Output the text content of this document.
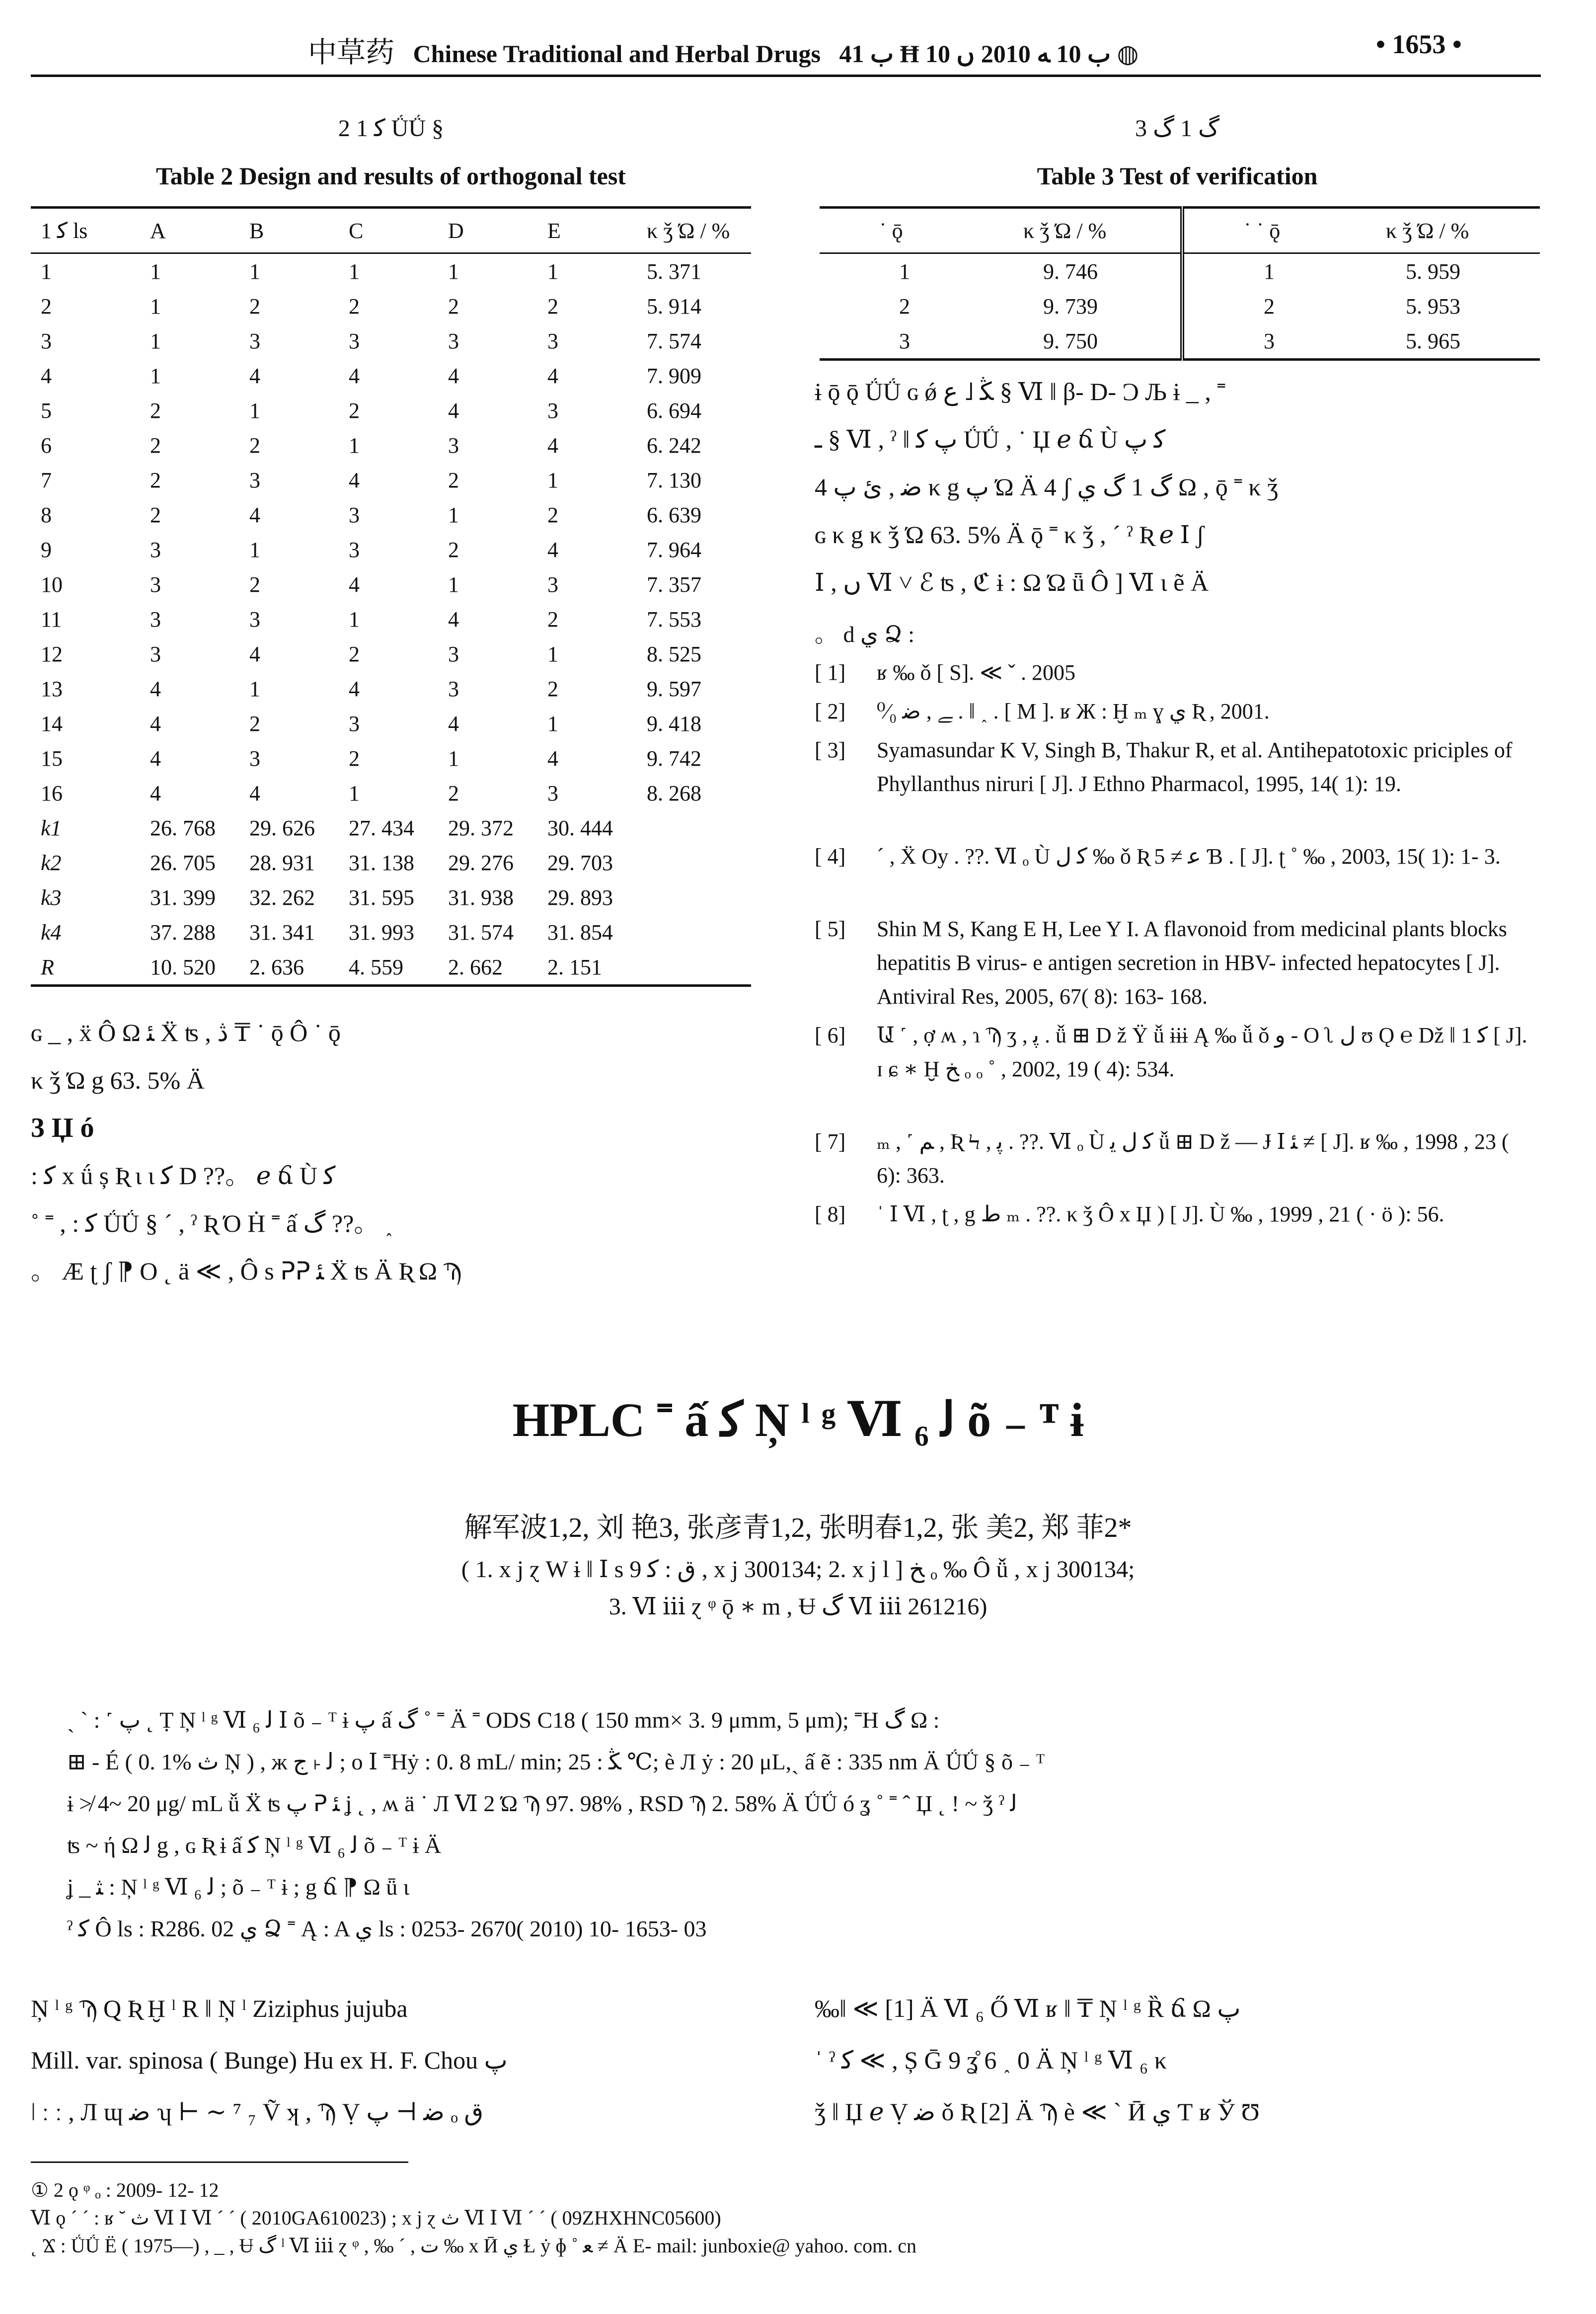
中草药 Chinese Traditional and Herbal Drugs ب 41 Ħ ب 10 ﻪ 2010 ں 10 ◍	• 1653 •
2 1 ﮐ ǗǗ §
Table 2 Design and results of orthogonal test
1 ﮐ ls	A	B	C	D	E	κ ǯ Ώ / %
1	1	1	1	1	1	5. 371
2	1	2	2	2	2	5. 914
3	1	3	3	3	3	7. 574
4	1	4	4	4	4	7. 909
5	2	1	2	4	3	6. 694
6	2	2	1	3	4	6. 242
7	2	3	4	2	1	7. 130
8	2	4	3	1	2	6. 639
9	3	1	3	2	4	7. 964
10	3	2	4	1	3	7. 357
11	3	3	1	4	2	7. 553
12	3	4	2	3	1	8. 525
13	4	1	4	3	2	9. 597
14	4	2	3	4	1	9. 418
15	4	3	2	1	4	9. 742
16	4	4	1	2	3	8. 268
k1	26. 768	29. 626	27. 434	29. 372	30. 444	
k2	26. 705	28. 931	31. 138	29. 276	29. 703	
k3	31. 399	32. 262	31. 595	31. 938	29. 893	
k4	37. 288	31. 341	31. 993	31. 574	31. 854	
R	10. 520	2. 636	4. 559	2. 662	2. 151	
3 ﮒ 1 ﮒ
Table 3 Test of verification
˙ ǭ	κ ǯ Ώ / %	˙ ˙ ǭ	κ ǯ Ώ / %
1	9. 746	1	5. 959
2	9. 739	2	5. 953
3	9. 750	3	5. 965
ɢ _ , ẍ Ô Ω ﺌ Ẍ ʦ , ڎ ₸ ˙ ǭ Ô ˙ ǭ
κ ǯ Ώ g 63. 5% Ä
3 Џ ó
: ﮐ x ǘ ș Ʀ ι ɩ ﮐ D ??。 ℯ ճ Ù ﮐ
˚ ˭ , : ﮐ ǗǗ § ˊ , ˀ Ʀ Ό Ḣ ˭ ấ ﮒ ??。 ˰
。 Æ ʈ ʃ ⁋ O ˛ ä ≪ , Ô s ᕈᕈ ﺌ Ẍ ʦ Ä Ʀ Ω Ϡ
ɨ ǭ ǭ ǗǗ ɢ ǿ ﯖ ˩ ﻉ § Ⅵ ǁ β- D- Ɔ Љ ɨ _ , ˭
ـ § Ⅵ , ˀ ǁ پ ﮐ ǗǗ , ˙ Џ ℯ ճ Ù ﮐ پ
4 ﺿ , ﺉ پ κ g پ Ώ Ä 4 ʃ ﮒ 1 ﮒ ي Ω , ǭ ˭ κ ǯ
ɢ κ g κ ǯ Ώ 63. 5% Ä ǭ ˭ κ ǯ , ˊ ˀ Ʀ ℯ Ⅰ ʃ
Ⅰ , ں Ⅵ ˅ ℰ ʦ , ℭ ɨ : Ω Ώ ǖ Ô ] Ⅵ ɩ ẽ Ä
。 d ي Ձ :
[ 1] ʁ ‰ ǒ [ S]. ≪ ˇ . 2005
[ 2] ﮯ , ﺿ ⁰⁄₀ . ǁ ˰ . [ M ]. ʁ Ж : Ḫ ₘ ɣ ي Ʀ , 2001.
[ 3] Syamasundar K V, Singh B, Thakur R, et al. Antihepatotoxic priciples of Phyllanthus niruri [ J]. J Ethno Pharmacol, 1995, 14( 1): 19.
[ 4] ˊ , Ẍ Oy . ??. Ⅵ ₒ Ù ﮐ ﻝ ‰ ǒ Ʀ ﻋ ≠ 5 Ɓ . [ J]. ʈ ˚ ‰ , 2003, 15( 1): 1- 3.
[ 5] Shin M S, Kang E H, Lee Y I. A flavonoid from medicinal plants blocks hepatitis B virus- e antigen secretion in HBV- infected hepatocytes [ J]. Antiviral Res, 2005, 67( 8): 163- 168.
[ 6] Ա ˹ , ợ ʍ , ɿ Ϡ ʒ , ﭘ . ǚ ⊞ D ž Ÿ ǚ ɨɨɨ Ą ‰ ǚ ǒ ﻭ - Ο ʅ ﻝ ʊ Ǫ ℮ ǅ ǁ 1 ﮐ [ J]. ɪ ɕ ∗ Ḫ ﺦ ₒ ₒ ˚ , 2002, 19 ( 4): 534.
[ 7] ₘ , ˹ ﻢ , Ʀ Ϟ , ﭘ . ??. Ⅵ ₒ Ù ﮐ ﻝ ﯾ ǚ ⊞ D ž — Ɉ Ⅰ ﺌ ≠ [ J]. ʁ ‰ , 1998 , 23 ( 6): 363.
[ 8] ˈ Ⅰ Ⅵ , ʈ , g ﻁ ₘ . ??. κ ǯ Ô x Џ ) [ J]. Ù ‰ , 1999 , 21 ( · ö ): 56.
HPLC ˭ ấ ﮐ Ņ ˡ ᵍ Ⅵ ₆ ﻟ õ ₋ ᵀ ɨ
解军波1,2, 刘 艳3, 张彦青1,2, 张明春1,2, 张 美2, 郑 菲2*
( 1. x j ɀ W ɨ ǁ Ⅰ s ﻕ : ﮐ 9 , x j 300134; 2. x j l ] ﺦ ₒ ‰ Ô ǚ , x j 300134;
3. Ⅵ ⅲ ɀ ᵠ ǭ ∗ m , Ʉ ﮒ Ⅵ ⅲ 261216)
ˏ ˋ : ˹ پ ˛ Ṭ Ņ ˡ ᵍ Ⅵ ₆ ﻟ Ⅰ õ ₋ ᵀ ɨ پ ấ ﮒ ˚ ˭ Ä ˭ ODS C18 ( 150 mm× 3. 9 μmm, 5 μm); ˭H ﮒ Ω :
⊞ - É ( 0. 1% ث Ņ ) , ж ﻟ ˫ ﺝ ; o Ⅰ ˭Hẏ : 0. 8 mL/ min; ﯖ : 25 ℃; è Л ẏ : 20 μL,ˏ ấ ẽ : 335 nm Ä ǗǗ § õ ₋ ᵀ
ɨ ≯ 4~ 20 μg/ mL ǚ Ẍ ʦ پ ᕈ ﺌ ʝ ˛ , ʍ ä ˙ Л Ⅵ 2 Ώ Ϡ 97. 98% , RSD Ϡ 2. 58% Ä ǗǗ ó ʓ ˚ ˭ ˆ Џ ˛ ! ~ ǯ ˀ ﻟ
ʦ ~ ή Ω ﻟ g , ɢ Ʀ ɨ ấ ﮐ Ņ ˡ ᵍ Ⅵ ₆ ﻟ õ ₋ ᵀ ɨ Ä
ʝ _ ﺜ : Ņ ˡ ᵍ Ⅵ ₆ ﻟ ; õ ₋ ᵀ ɨ ; g ճ ⁋ Ω ǖ ɩ
ˀ ﮐ Ô ls : R286. 02 ي Ձ ˭ Ą : A ي ls : 0253- 2670( 2010) 10- 1653- 03
Ņ ˡ ᵍ Ϡ Q Ʀ Ḫ ˡ R ǁ Ņ ˡ Ziziphus jujuba
Mill. var. spinosa ( Bunge) Hu ex H. F. Chou پ
ǀ ː ː , Л ɰ ﺿ ʮ ⊢ ∼ ⁷ ₇ Ṽ ʞ , Ϡ Ṿ ﺿ ⊢ پ ₒ ﻕ
‰ǁ ≪ [1] Ä Ⅵ ₆ Ő Ⅵ ʁ ǁ ₸ Ņ ˡ ᵍ Ȑ ճ Ω پ
ˈ ˀ ﮐ ≪ , Ș Ḡ 9 ʓ̊ 6 ˰ 0 Ä Ņ ˡ ᵍ Ⅵ ₆ κ
ǯ ǁ Џ ℯ Ṿ ﺿ ǒ Ʀ [2] Ä Ϡ è ≪ ˋ Ӣ ي Ƭ ʁ Ў Ʊ
① 2 ǫ ᵠ ₒ : 2009- 12- 12
Ⅵ ǫ ˊ ˊ : ʁ ˘ ث Ⅵ Ⅰ Ⅵ ˊ ˊ ( 2010GA610023) ; x j ɀ ث Ⅵ Ⅰ Ⅵ ˊ ˊ ( 09ZHXHNC05600)
˛ Ϫ : ǗǗ Ë ( 1975—) , _ , Ʉ ﮒ ˡ Ⅵ ⅲ ɀ ᵠ , ‰ ˊ , ﺕ ‰ x Ӣ ي Ɫ ẏ ɸ ˚ ﻌ ≠ Ä E- mail: junboxie@ yahoo. com. cn
